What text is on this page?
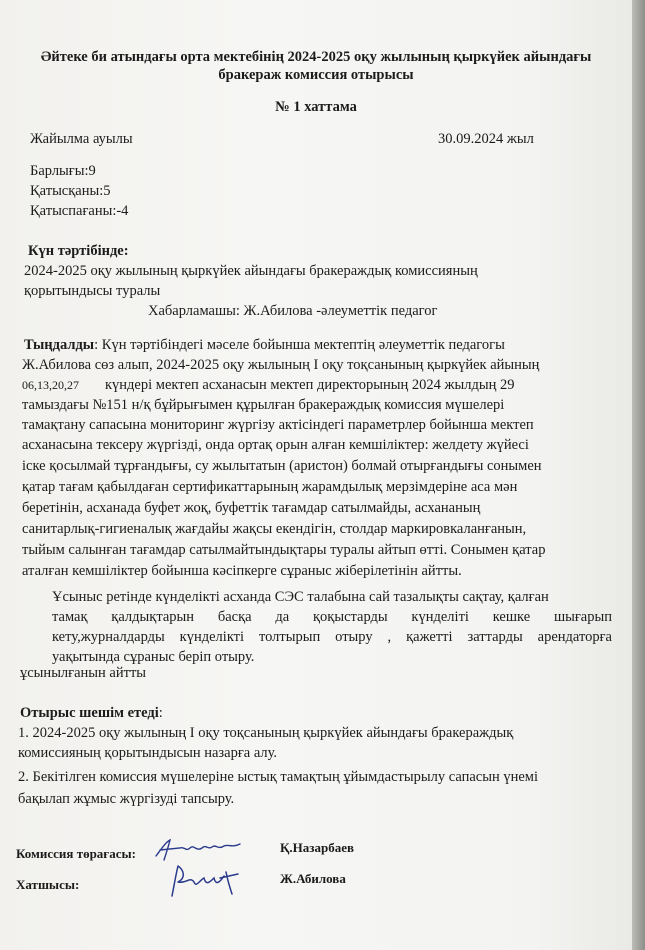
Әйтеке би атындағы орта мектебінің 2024-2025 оқу жылының қыркүйек айындағы
бракераж комиссия отырысы
№ 1 хаттама
Жайылма ауылы	30.09.2024 жыл
Барлығы:9
Қатысқаны:5
Қатыспағаны:-4
Күн тәртібінде:
2024-2025 оқу жылының қыркүйек айындағы бракераждық комиссияның
қорытындысы туралы
Хабарламашы: Ж.Абилова -әлеуметтік педагог
Тыңдалды: Күн тәртібіндегі мәселе бойынша мектептің әлеуметтік педагогы
Ж.Абилова сөз алып, 2024-2025 оқу жылының І оқу тоқсанының қыркүйек айының
06,13,20,27 күндері мектеп асханасын мектеп директорының 2024 жылдың 29
тамыздағы №151 н/қ бұйрығымен құрылған бракераждық комиссия мүшелері
тамақтану сапасына мониторинг жүргізу актісіндегі параметрлер бойынша мектеп
асханасына тексеру жүргізді, онда ортақ орын алған кемшіліктер: желдету жүйесі
іске қосылмай тұрғандығы, су жылытатын (аристон) болмай отырғандығы сонымен
қатар тағам қабылдаған сертификаттарының жарамдылық мерзімдеріне аса мән
беретінін, асханада буфет жоқ, буфеттік тағамдар сатылмайды, асхананың
санитарлық-гигиеналық жағдайы жақсы екендігін, столдар маркировкаланғанын,
тыйым салынған тағамдар сатылмайтындықтары туралы айтып өтті. Сонымен қатар
аталған кемшіліктер бойынша кәсіпкерге сұраныс жіберілетінін айтты.
Ұсыныс ретінде күнделікті асханда СЭС талабына сай тазалықты сақтау, қалған
тамақ қалдықтарын басқа да қоқыстарды күнделіті кешке шығарып
кету,журналдарды күнделікті толтырып отыру , қажетті заттарды арендаторға
уақытында сұраныс беріп отыру.
ұсынылғанын айтты
Отырыс шешім етеді:
1. 2024-2025 оқу жылының І оқу тоқсанының қыркүйек айындағы бракераждық
комиссияның қорытындысын назарға алу.
2. Бекітілген комиссия мүшелеріне ыстық тамақтың ұйымдастырылу сапасын үнемі
бақылап жұмыс жүргізуді тапсыру.
Комиссия төрағасы:	Қ.Назарбаев
Хатшысы:	Ж.Абилова
